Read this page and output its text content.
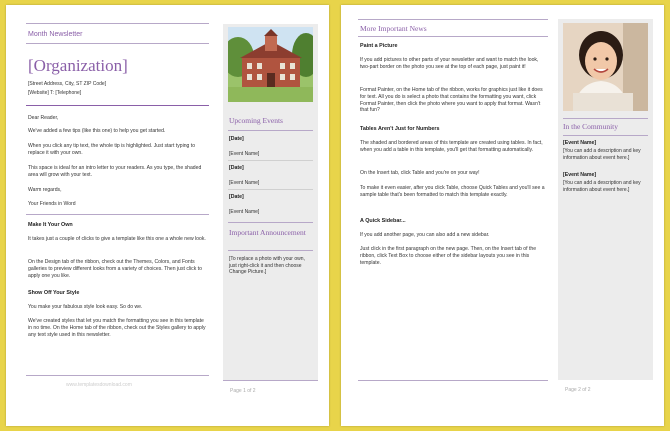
Month Newsletter
[Organization]
[Street Address, City, ST ZIP Code]
[Website] T: [Telephone]
Dear Reader,
We've added a few tips (like this one) to help you get started.
When you click any tip text, the whole tip is highlighted. Just start typing to replace it with your own.
This space is ideal for an intro letter to your readers. As you type, the shaded area will grow with your text.
Warm regards,
Your Friends in Word
Make It Your Own
It takes just a couple of clicks to give a template like this one a whole new look.
On the Design tab of the ribbon, check out the Themes, Colors, and Fonts galleries to preview different looks from a variety of choices. Then just click to apply one you like.
Show Off Your Style
You make your fabulous style look easy. So do we.
We've created styles that let you match the formatting you see in this template in no time. On the Home tab of the ribbon, check out the Styles gallery to apply any text style used in this newsletter.
www.templatesdownload.com
Upcoming Events
[Date]
[Event Name]
[Date]
[Event Name]
[Date]
[Event Name]
Important Announcement
[To replace a photo with your own, just right-click it and then choose Change Picture.]
Page 1 of 2
More Important News
Paint a Picture
If you add pictures to other parts of your newsletter and want to match the look, two-part border on the photo you see at the top of each page, just paint it!
Format Painter, on the Home tab of the ribbon, works for graphics just like it does for text. All you do is select a photo that contains the formatting you want, click Format Painter, then click the photo where you want to apply that format. Wasn't that fun?
Tables Aren't Just for Numbers
The shaded and bordered areas of this template are created using tables. In fact, when you add a table in this template, you'll get that formatting automatically.
On the Insert tab, click Table and you're on your way!
To make it even easier, after you click Table, choose Quick Tables and you'll see a sample table that's been formatted to match this template exactly.
A Quick Sidebar...
If you add another page, you can also add a new sidebar.
Just click in the first paragraph on the new page. Then, on the Insert tab of the ribbon, click Text Box to choose either of the sidebar layouts you see in this template.
In the Community
[Event Name]
[You can add a description and key information about event here.]
[Event Name]
[You can add a description and key information about event here.]
Page 2 of 2
